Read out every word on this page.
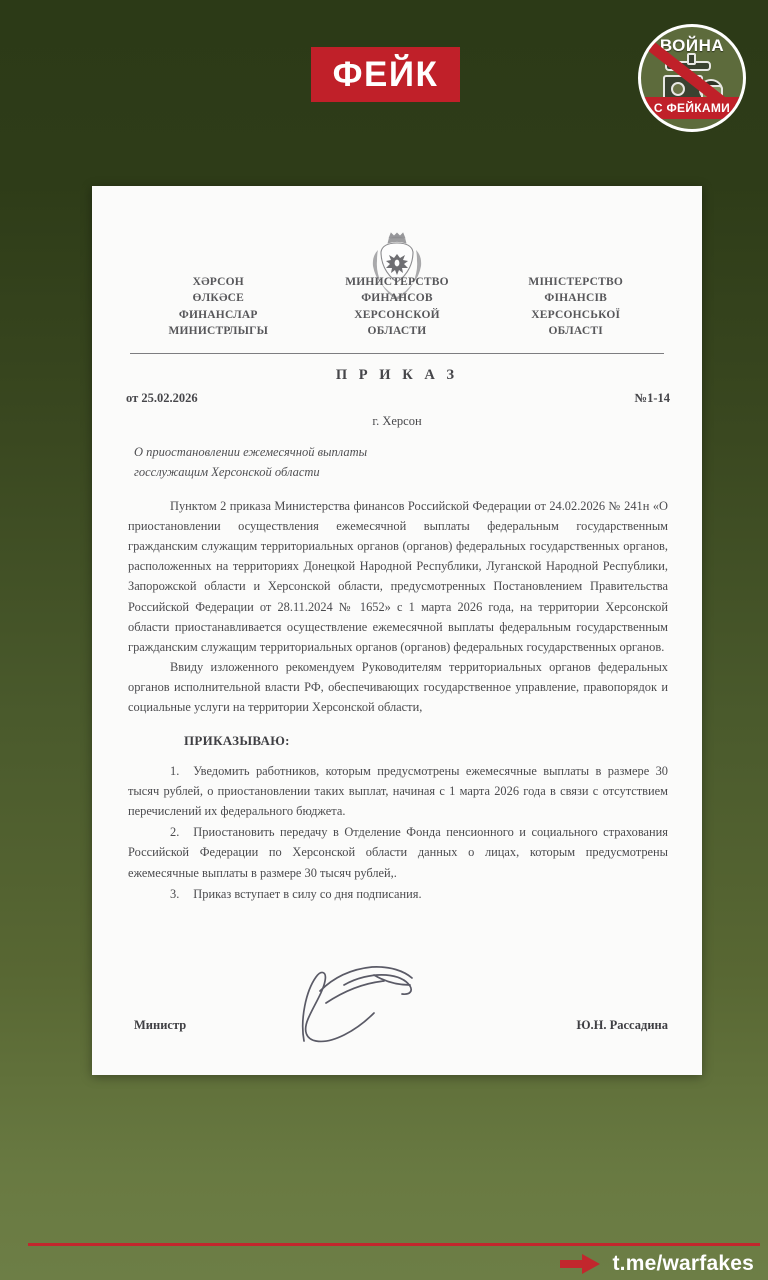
ФЕЙК
ВОЙНА
С ФЕЙКАМИ
ХӘРСОН
ӨЛКӘСЕ
ФИНАНСЛАР
МИНИСТРЛЫГЫ
МИНИСТЕРСТВО
ФИНАНСОВ
ХЕРСОНСКОЙ
ОБЛАСТИ
МІНІСТЕРСТВО
ФІНАНСІВ
ХЕРСОНСЬКОЇ
ОБЛАСТІ
П Р И К А З
от 25.02.2026	№1-14
г. Херсон
О приостановлении ежемесячной выплаты госслужащим Херсонской области

Пунктом 2 приказа Министерства финансов Российской Федерации от 24.02.2026 № 241н «О приостановлении осуществления ежемесячной выплаты федеральным государственным гражданским служащим территориальных органов (органов) федеральных государственных органов, расположенных на территориях Донецкой Народной Республики, Луганской Народной Республики, Запорожской области и Херсонской области, предусмотренных Постановлением Правительства Российской Федерации от 28.11.2024 № 1652» с 1 марта 2026 года, на территории Херсонской области приостанавливается осуществление ежемесячной выплаты федеральным государственным гражданским служащим территориальных органов (органов) федеральных государственных органов.

Ввиду изложенного рекомендуем Руководителям территориальных органов федеральных органов исполнительной власти РФ, обеспечивающих государственное управление, правопорядок и социальные услуги на территории Херсонской области,

ПРИКАЗЫВАЮ:

1. Уведомить работников, которым предусмотрены ежемесячные выплаты в размере 30 тысяч рублей, о приостановлении таких выплат, начиная с 1 марта 2026 года в связи с отсутствием перечислений их федерального бюджета.

2. Приостановить передачу в Отделение Фонда пенсионного и социального страхования Российской Федерации по Херсонской области данных о лицах, которым предусмотрены ежемесячные выплаты в размере 30 тысяч рублей,.

3. Приказ вступает в силу со дня подписания.

Министр	Ю.Н. Рассадина
t.me/warfakes
